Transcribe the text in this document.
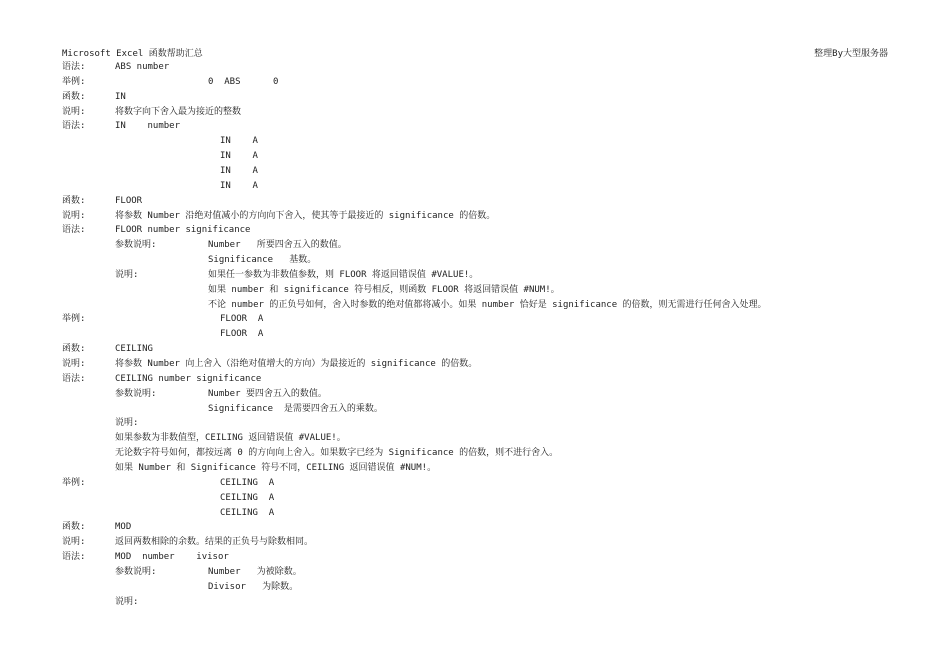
Microsoft Excel 函数帮助汇总	整理By大型服务器
语法:	ABS number
举例:	0  ABS      0
函数:	IN
说明:	将数字向下舍入最为接近的整数
语法:	IN    number
IN    A
IN    A
IN    A
IN    A
函数:	FLOOR
说明:	将参数 Number 沿绝对值减小的方向向下舍入，使其等于最接近的 significance 的倍数。
语法:	FLOOR number significance
参数说明:	Number   所要四舍五入的数值。
Significance   基数。
说明:	如果任一参数为非数值参数，则 FLOOR 将返回错误值 #VALUE!。
如果 number 和 significance 符号相反，则函数 FLOOR 将返回错误值 #NUM!。
不论 number 的正负号如何，舍入时参数的绝对值都将减小。如果 number 恰好是 significance 的倍数，则无需进行任何舍入处理。
举例:	FLOOR  A
FLOOR  A
函数:	CEILING
说明:	将参数 Number 向上舍入（沿绝对值增大的方向）为最接近的 significance 的倍数。
语法:	CEILING number significance
参数说明:	Number 要四舍五入的数值。
Significance  是需要四舍五入的乘数。
说明:
如果参数为非数值型，CEILING 返回错误值 #VALUE!。
无论数字符号如何，都按远离 0 的方向向上舍入。如果数字已经为 Significance 的倍数，则不进行舍入。
如果 Number 和 Significance 符号不同，CEILING 返回错误值 #NUM!。
举例:	CEILING  A
CEILING  A
CEILING  A
函数:	MOD
说明:	返回两数相除的余数。结果的正负号与除数相同。
语法:	MOD  number    ivisor
参数说明:	Number   为被除数。
Divisor   为除数。
说明:
